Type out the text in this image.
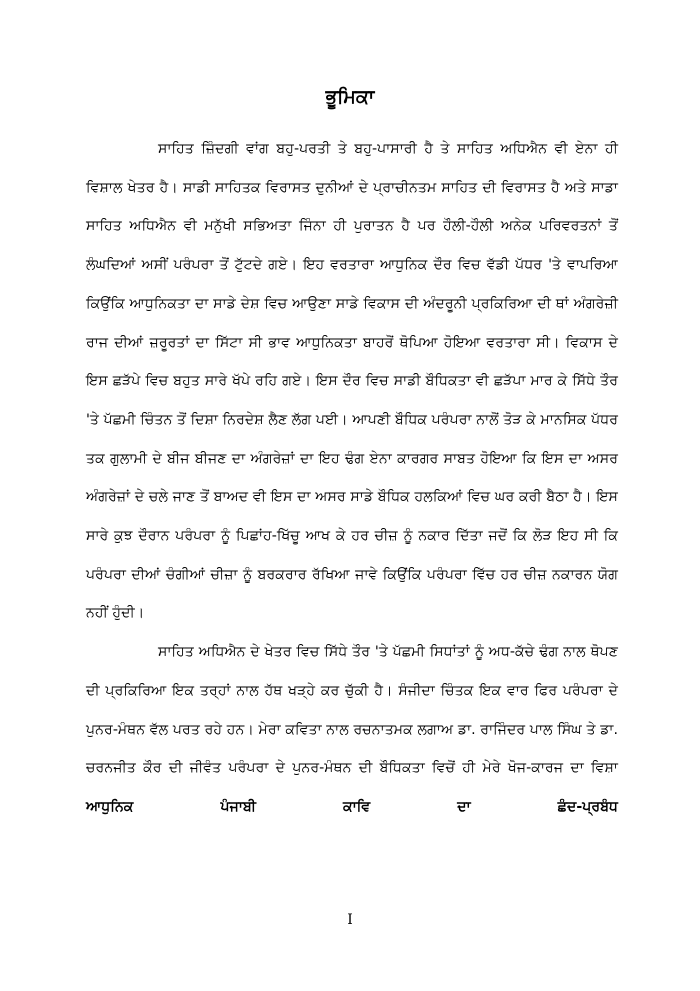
ਭੂਮਿਕਾ

ਸਾਹਿਤ ਜ਼ਿੰਦਗੀ ਵਾਂਗ ਬਹੁ-ਪਰਤੀ ਤੇ ਬਹੁ-ਪਾਸਾਰੀ ਹੈ ਤੇ ਸਾਹਿਤ ਅਧਿਐਨ ਵੀ ਏਨਾ ਹੀ ਵਿਸ਼ਾਲ ਖੇਤਰ ਹੈ। ਸਾਡੀ ਸਾਹਿਤਕ ਵਿਰਾਸਤ ਦੁਨੀਆਂ ਦੇ ਪ੍ਰਾਚੀਨਤਮ ਸਾਹਿਤ ਦੀ ਵਿਰਾਸਤ ਹੈ ਅਤੇ ਸਾਡਾ ਸਾਹਿਤ ਅਧਿਐਨ ਵੀ ਮਨੁੱਖੀ ਸਭਿਅਤਾ ਜਿੰਨਾ ਹੀ ਪੁਰਾਤਨ ਹੈ ਪਰ ਹੌਲੀ-ਹੌਲੀ ਅਨੇਕ ਪਰਿਵਰਤਨਾਂ ਤੋਂ ਲੰਘਦਿਆਂ ਅਸੀਂ ਪਰੰਪਰਾ ਤੋਂ ਟੁੱਟਦੇ ਗਏ। ਇਹ ਵਰਤਾਰਾ ਆਧੁਨਿਕ ਦੌਰ ਵਿਚ ਵੱਡੀ ਪੱਧਰ 'ਤੇ ਵਾਪਰਿਆ ਕਿਉਂਕਿ ਆਧੁਨਿਕਤਾ ਦਾ ਸਾਡੇ ਦੇਸ਼ ਵਿਚ ਆਉਣਾ ਸਾਡੇ ਵਿਕਾਸ ਦੀ ਅੰਦਰੂਨੀ ਪ੍ਰਕਿਰਿਆ ਦੀ ਥਾਂ ਅੰਗਰੇਜ਼ੀ ਰਾਜ ਦੀਆਂ ਜ਼ਰੂਰਤਾਂ ਦਾ ਸਿੱਟਾ ਸੀ ਭਾਵ ਆਧੁਨਿਕਤਾ ਬਾਹਰੋਂ ਥੋਪਿਆ ਹੋਇਆ ਵਰਤਾਰਾ ਸੀ। ਵਿਕਾਸ ਦੇ ਇਸ ਛੜੱਪੇ ਵਿਚ ਬਹੁਤ ਸਾਰੇ ਖੱਪੇ ਰਹਿ ਗਏ। ਇਸ ਦੌਰ ਵਿਚ ਸਾਡੀ ਬੌਧਿਕਤਾ ਵੀ ਛੜੱਪਾ ਮਾਰ ਕੇ ਸਿੱਧੇ ਤੌਰ 'ਤੇ ਪੱਛਮੀ ਚਿੰਤਨ ਤੋਂ ਦਿਸ਼ਾ ਨਿਰਦੇਸ਼ ਲੈਣ ਲੱਗ ਪਈ। ਆਪਣੀ ਬੌਧਿਕ ਪਰੰਪਰਾ ਨਾਲੋਂ ਤੋੜ ਕੇ ਮਾਨਸਿਕ ਪੱਧਰ ਤਕ ਗੁਲਾਮੀ ਦੇ ਬੀਜ ਬੀਜਣ ਦਾ ਅੰਗਰੇਜ਼ਾਂ ਦਾ ਇਹ ਢੰਗ ਏਨਾ ਕਾਰਗਰ ਸਾਬਤ ਹੋਇਆ ਕਿ ਇਸ ਦਾ ਅਸਰ ਅੰਗਰੇਜ਼ਾਂ ਦੇ ਚਲੇ ਜਾਣ ਤੋਂ ਬਾਅਦ ਵੀ ਇਸ ਦਾ ਅਸਰ ਸਾਡੇ ਬੌਧਿਕ ਹਲਕਿਆਂ ਵਿਚ ਘਰ ਕਰੀ ਬੈਠਾ ਹੈ। ਇਸ ਸਾਰੇ ਕੁਝ ਦੌਰਾਨ ਪਰੰਪਰਾ ਨੂੰ ਪਿਛਾਂਹ-ਖਿੱਚੂ ਆਖ ਕੇ ਹਰ ਚੀਜ਼ ਨੂੰ ਨਕਾਰ ਦਿੱਤਾ ਜਦੋਂ ਕਿ ਲੋੜ ਇਹ ਸੀ ਕਿ ਪਰੰਪਰਾ ਦੀਆਂ ਚੰਗੀਆਂ ਚੀਜ਼ਾ ਨੂੰ ਬਰਕਰਾਰ ਰੱਖਿਆ ਜਾਵੇ ਕਿਉਂਕਿ ਪਰੰਪਰਾ ਵਿੱਚ ਹਰ ਚੀਜ਼ ਨਕਾਰਨ ਯੋਗ ਨਹੀਂ ਹੁੰਦੀ।

ਸਾਹਿਤ ਅਧਿਐਨ ਦੇ ਖੇਤਰ ਵਿਚ ਸਿੱਧੇ ਤੌਰ 'ਤੇ ਪੱਛਮੀ ਸਿਧਾਂਤਾਂ ਨੂੰ ਅਧ-ਕੱਚੇ ਢੰਗ ਨਾਲ ਥੋਪਣ ਦੀ ਪ੍ਰਕਿਰਿਆ ਇਕ ਤਰ੍ਹਾਂ ਨਾਲ ਹੱਥ ਖੜ੍ਹੇ ਕਰ ਚੁੱਕੀ ਹੈ। ਸੰਜੀਦਾ ਚਿੰਤਕ ਇਕ ਵਾਰ ਫਿਰ ਪਰੰਪਰਾ ਦੇ ਪੁਨਰ-ਮੰਥਨ ਵੱਲ ਪਰਤ ਰਹੇ ਹਨ। ਮੇਰਾ ਕਵਿਤਾ ਨਾਲ ਰਚਨਾਤਮਕ ਲਗਾਅ ਡਾ. ਰਾਜਿੰਦਰ ਪਾਲ ਸਿੰਘ ਤੇ ਡਾ. ਚਰਨਜੀਤ ਕੌਰ ਦੀ ਜੀਵੰਤ ਪਰੰਪਰਾ ਦੇ ਪੁਨਰ-ਮੰਥਨ ਦੀ ਬੌਧਿਕਤਾ ਵਿਚੋਂ ਹੀ ਮੇਰੇ ਖੋਜ-ਕਾਰਜ ਦਾ ਵਿਸ਼ਾ ਆਧੁਨਿਕ ਪੰਜਾਬੀ ਕਾਵਿ ਦਾ ਛੰਦ-ਪ੍ਰਬੰਧ

I
